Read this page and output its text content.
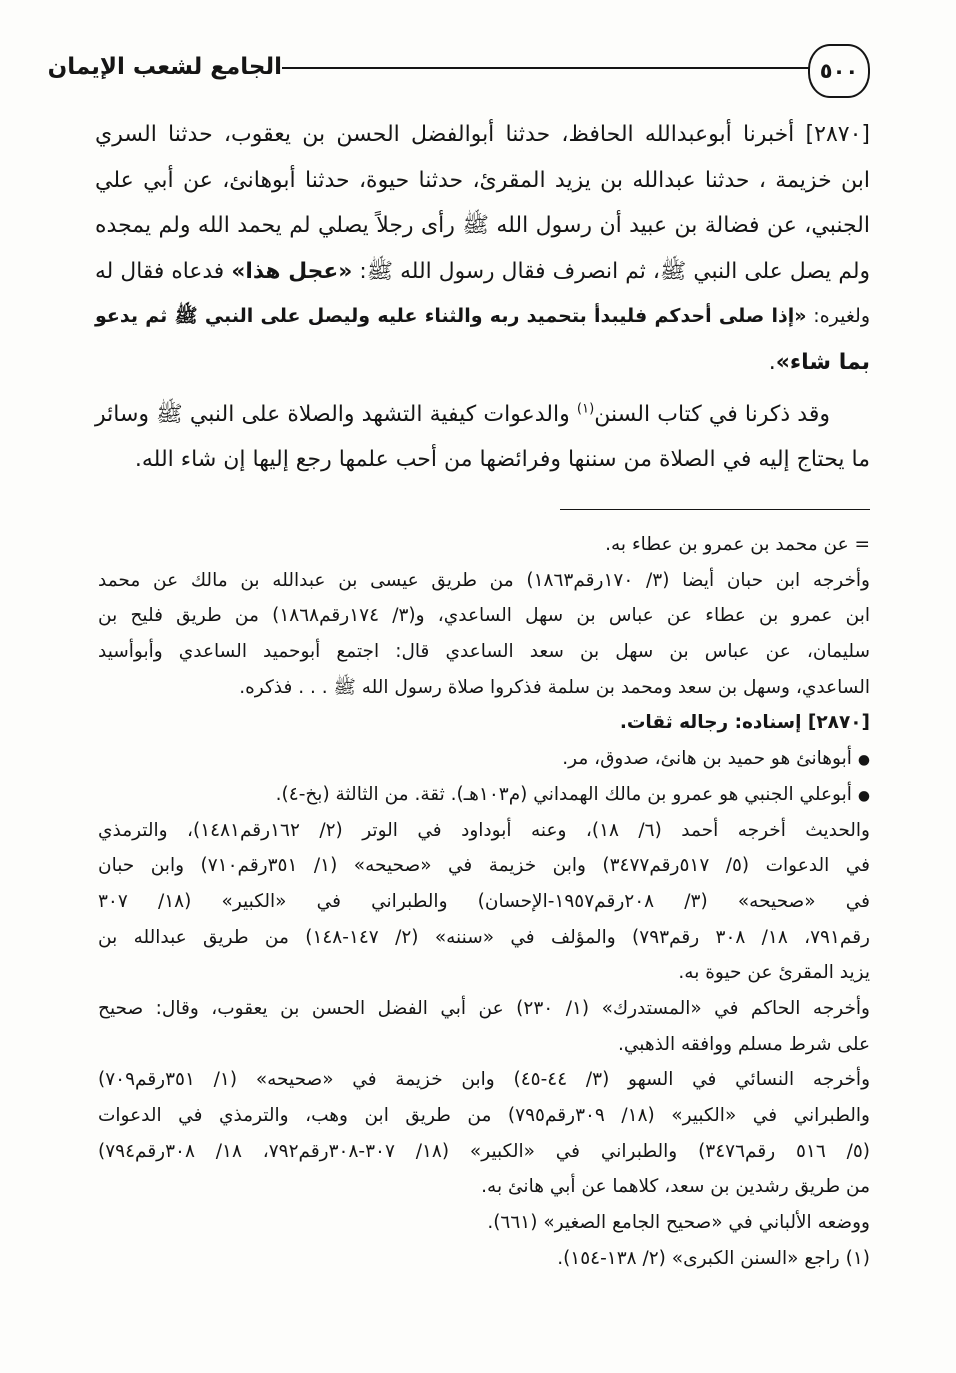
الجامع لشعب الإيمان	٥٠٠
[٢٨٧٠] أخبرنا أبوعبدالله الحافظ، حدثنا أبوالفضل الحسن بن يعقوب، حدثنا السري
ابن خزيمة ، حدثنا عبدالله بن يزيد المقرئ، حدثنا حيوة، حدثنا أبوهانئ، عن أبي علي
الجنبي، عن فضالة بن عبيد أن رسول الله ﷺ رأى رجلاً يصلي لم يحمد الله ولم يمجده
ولم يصل على النبي ﷺ، ثم انصرف فقال رسول الله ﷺ: «عجل هذا» فدعاه فقال له
ولغيره: «إذا صلى أحدكم فليبدأ بتحميد ربه والثناء عليه وليصل على النبي ﷺ ثم يدعو
بما شاء».
وقد ذكرنا في كتاب السنن$^{(١)}$ والدعوات كيفية التشهد والصلاة على النبي ﷺ وسائر
ما يحتاج إليه في الصلاة من سننها وفرائضها من أحب علمها رجع إليها إن شاء الله.
= عن محمد بن عمرو بن عطاء به.
وأخرجه ابن حبان أيضا (٣/ ١٧٠رقم١٨٦٣) من طريق عيسى بن عبدالله بن مالك عن محمد
ابن عمرو بن عطاء عن عباس بن سهل الساعدي، و(٣/ ١٧٤رقم١٨٦٨) من طريق فليح بن
سليمان، عن عباس بن سهل بن سعد الساعدي قال: اجتمع أبوحميد الساعدي وأبوأسيد
الساعدي، وسهل بن سعد ومحمد بن سلمة فذكروا صلاة رسول الله ﷺ . . . فذكره.
[٢٨٧٠] إسناده: رجاله ثقات.
●أبوهانئ هو حميد بن هانئ، صدوق، مر.
●أبوعلي الجنبي هو عمرو بن مالك الهمداني (م١٠٣هـ). ثقة. من الثالثة (بخ-٤).
والحديث أخرجه أحمد (٦/ ١٨)، وعنه أبوداود في الوتر (٢/ ١٦٢رقم١٤٨١)، والترمذي
في الدعوات (٥/ ٥١٧رقم٣٤٧٧) وابن خزيمة في «صحيحه» (١/ ٣٥١رقم٧١٠) وابن حبان
في «صحيحه» (٣/ ٢٠٨رقم١٩٥٧-الإحسان) والطبراني في «الكبير» (١٨/ ٣٠٧
رقم٧٩١، ١٨/ ٣٠٨ رقم٧٩٣) والمؤلف في «سننه» (٢/ ١٤٧-١٤٨) من طريق عبدالله بن
يزيد المقرئ عن حيوة به.
وأخرجه الحاكم في «المستدرك» (١/ ٢٣٠) عن أبي الفضل الحسن بن يعقوب، وقال: صحيح
على شرط مسلم ووافقه الذهبي.
وأخرجه النسائي في السهو (٣/ ٤٤-٤٥) وابن خزيمة في «صحيحه» (١/ ٣٥١رقم٧٠٩)
والطبراني في «الكبير» (١٨/ ٣٠٩رقم٧٩٥) من طريق ابن وهب، والترمذي في الدعوات
(٥/ ٥١٦ رقم٣٤٧٦) والطبراني في «الكبير» (١٨/ ٣٠٧-٣٠٨رقم٧٩٢، ١٨/ ٣٠٨رقم٧٩٤)
من طريق رشدين بن سعد، كلاهما عن أبي هانئ به.
ووضعه الألباني في «صحيح الجامع الصغير» (٦٦١).
(١) راجع «السنن الكبرى» (٢/ ١٣٨-١٥٤).
